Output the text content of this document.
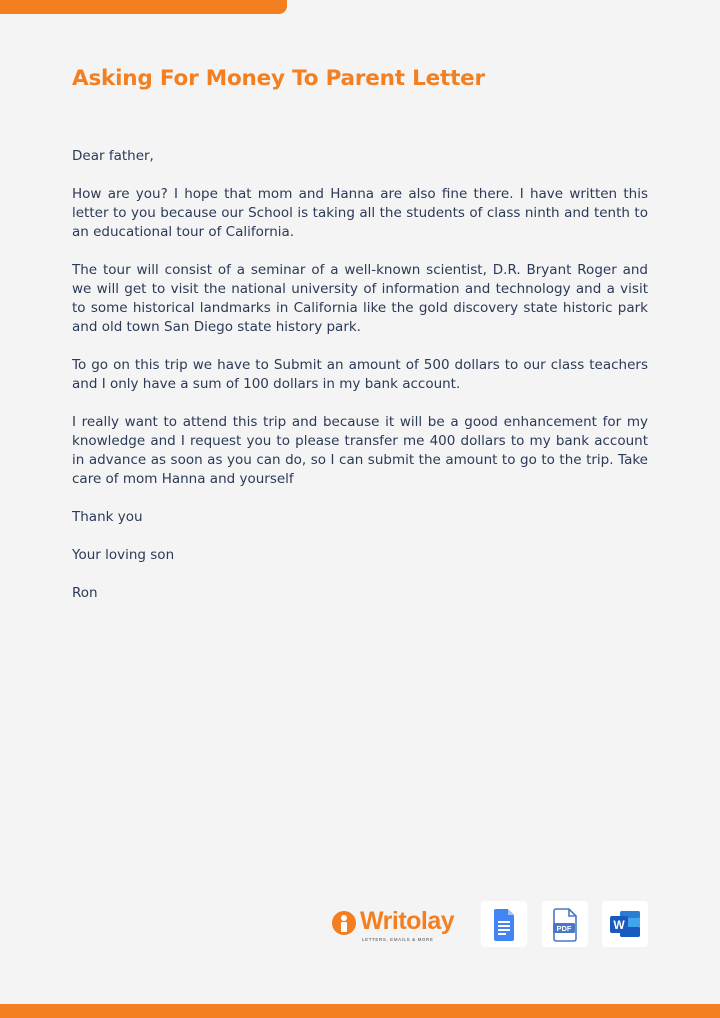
Asking For Money To Parent Letter

Dear father,

How are you? I hope that mom and Hanna are also fine there. I have written this letter to you because our School is taking all the students of class ninth and tenth to an educational tour of California.

The tour will consist of a seminar of a well-known scientist, D.R. Bryant Roger and we will get to visit the national university of information and technology and a visit to some historical landmarks in California like the gold discovery state historic park and old town San Diego state history park.

To go on this trip we have to Submit an amount of 500 dollars to our class teachers and I only have a sum of 100 dollars in my bank account.

I really want to attend this trip and because it will be a good enhancement for my knowledge and I request you to please transfer me 400 dollars to my bank account in advance as soon as you can do, so I can submit the amount to go to the trip. Take care of mom Hanna and yourself

Thank you

Your loving son

Ron

Writolay
LETTERS, EMAILS & MORE
PDF	W
